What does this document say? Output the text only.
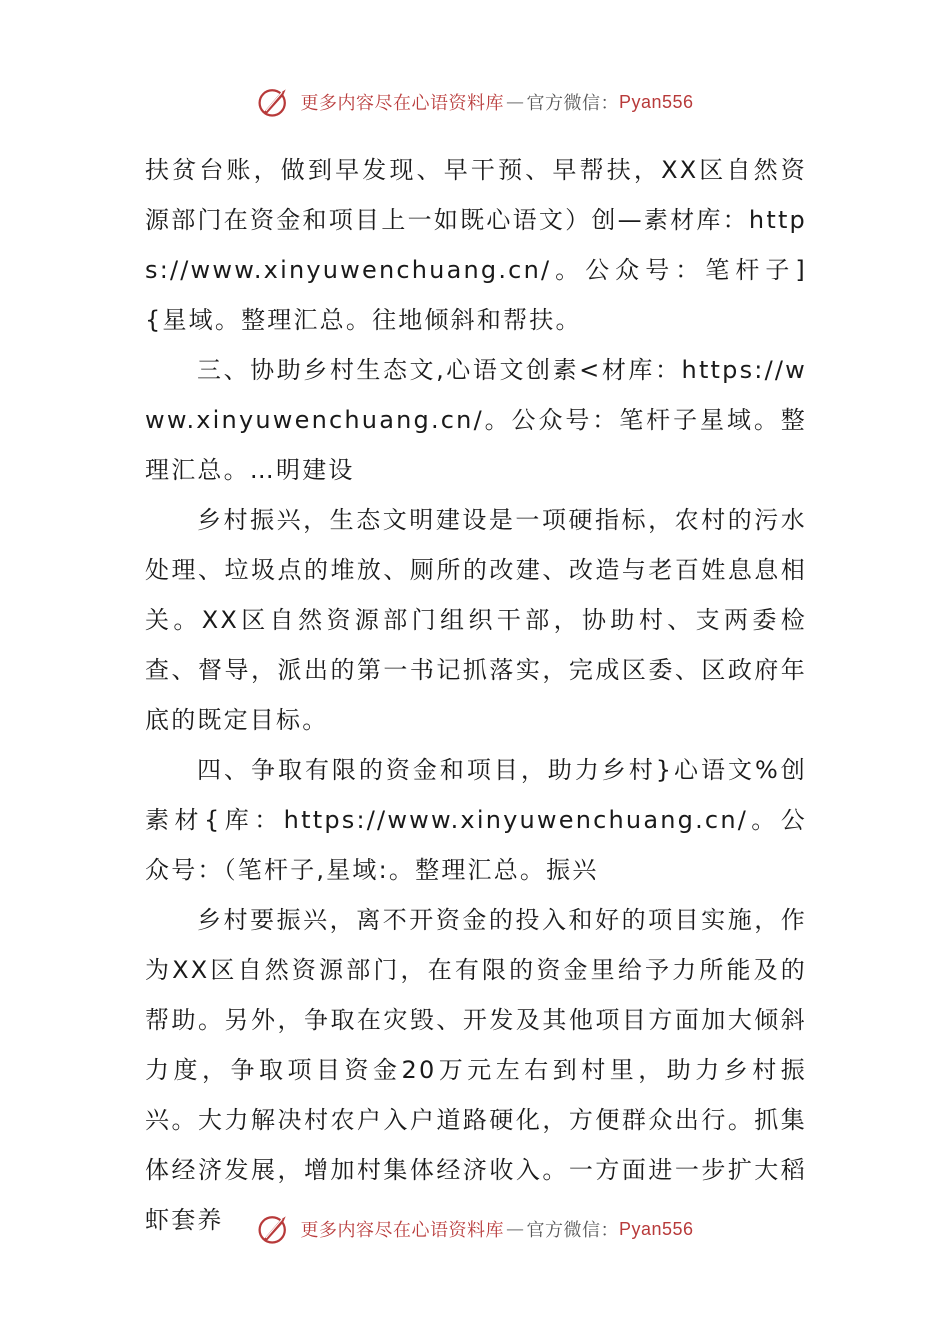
更多内容尽在心语资料库 — 官方微信： Pyan556

扶贫台账，做到早发现、早干预、早帮扶，XX区自然资源部门在资金和项目上一如既心语文）创—素材库：https://www.xinyuwenchuang.cn/。公众号：笔杆子]{星域。整理汇总。往地倾斜和帮扶。

三、协助乡村生态文,心语文创素<材库：https://www.xinyuwenchuang.cn/。公众号：笔杆子星域。整理汇总。…明建设

乡村振兴，生态文明建设是一项硬指标，农村的污水处理、垃圾点的堆放、厕所的改建、改造与老百姓息息相关。XX区自然资源部门组织干部，协助村、支两委检查、督导，派出的第一书记抓落实，完成区委、区政府年底的既定目标。

四、争取有限的资金和项目，助力乡村}心语文%创素材{库：https://www.xinyuwenchuang.cn/。公众号：（笔杆子,星域:。整理汇总。振兴

乡村要振兴，离不开资金的投入和好的项目实施，作为XX区自然资源部门，在有限的资金里给予力所能及的帮助。另外，争取在灾毁、开发及其他项目方面加大倾斜力度，争取项目资金20万元左右到村里，助力乡村振兴。大力解决村农户入户道路硬化，方便群众出行。抓集体经济发展，增加村集体经济收入。一方面进一步扩大稻虾套养	更多内容尽在心语资料库 — 官方微信： Pyan556
